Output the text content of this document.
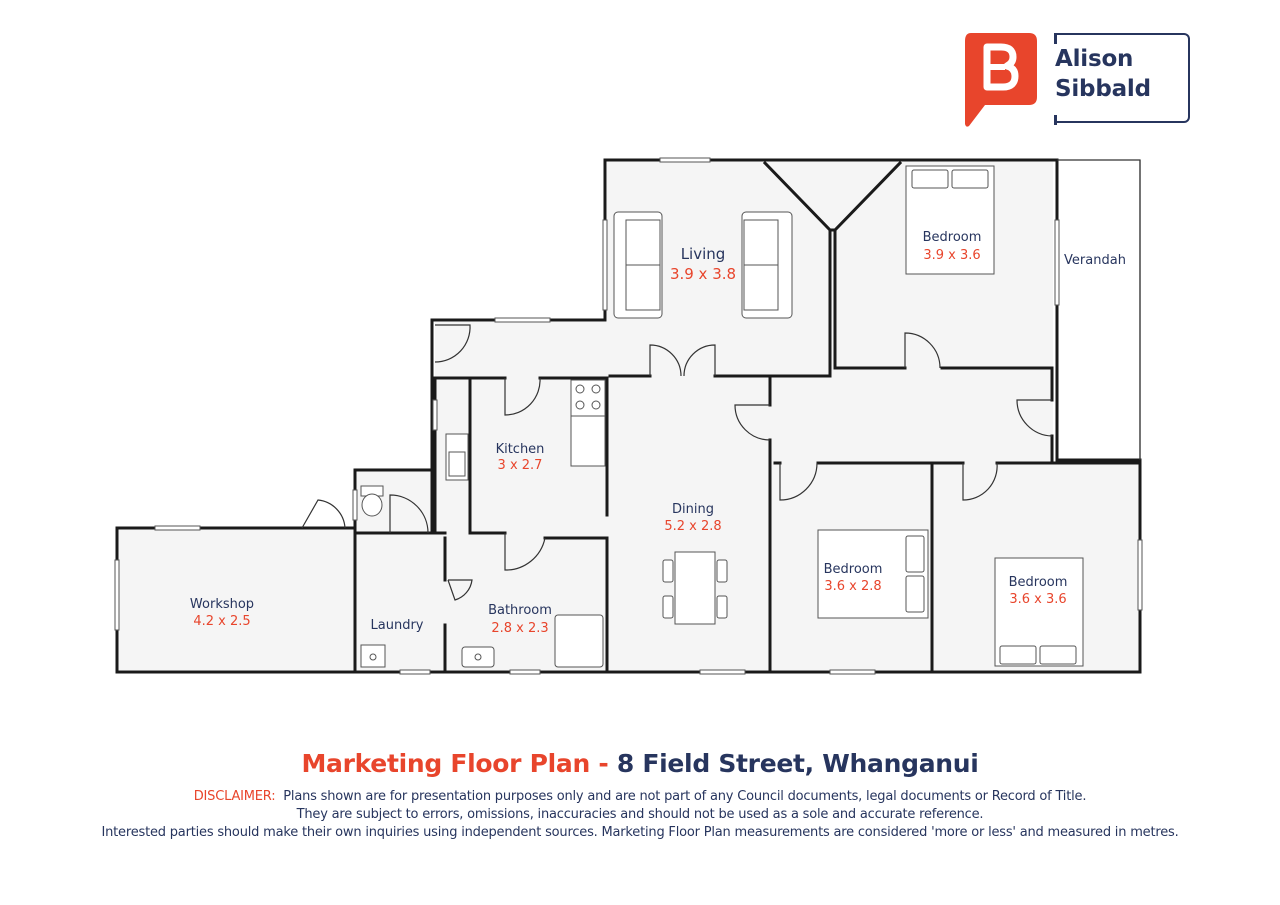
Alison
Sibbald
Living
3.9 x 3.8
Bedroom
3.9 x 3.6	Verandah
Kitchen
3 x 2.7
Dining
5.2 x 2.8
Bedroom
3.6 x 2.8	Bedroom
3.6 x 3.6
Workshop
4.2 x 2.5	Laundry
Bathroom
2.8 x 2.3
Marketing Floor Plan - 8 Field Street, Whanganui
DISCLAIMER: Plans shown are for presentation purposes only and are not part of any Council documents, legal documents or Record of Title.
They are subject to errors, omissions, inaccuracies and should not be used as a sole and accurate reference.
Interested parties should make their own inquiries using independent sources. Marketing Floor Plan measurements are considered 'more or less' and measured in metres.
